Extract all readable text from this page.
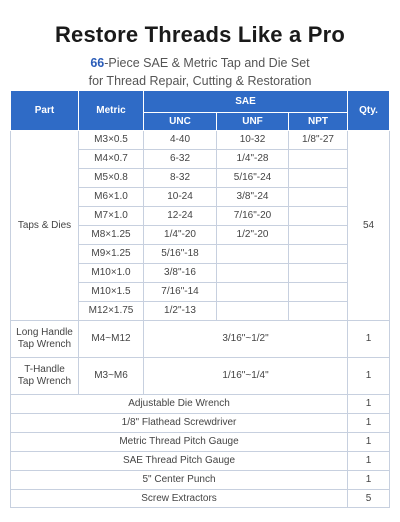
Restore Threads Like a Pro
66-Piece SAE & Metric Tap and Die Set
for Thread Repair, Cutting & Restoration
Part	Metric	SAE			Qty.
		UNC	UNF	NPT	
Taps & Dies	M3×0.5	4-40	10-32	1/8"-27	54
	M4×0.7	6-32	1/4"-28		
	M5×0.8	8-32	5/16"-24		
	M6×1.0	10-24	3/8"-24		
	M7×1.0	12-24	7/16"-20		
	M8×1.25	1/4"-20	1/2"-20		
	M9×1.25	5/16"-18			
	M10×1.0	3/8"-16			
	M10×1.5	7/16"-14			
	M12×1.75	1/2"-13			
Long Handle
Tap Wrench	M4~M12	3/16"~1/2"			1
T-Handle
Tap Wrench	M3~M6	1/16"~1/4"			1
Adjustable Die Wrench					1
1/8" Flathead Screwdriver					1
Metric Thread Pitch Gauge					1
SAE Thread Pitch Gauge					1
5" Center Punch					1
Screw Extractors					5
